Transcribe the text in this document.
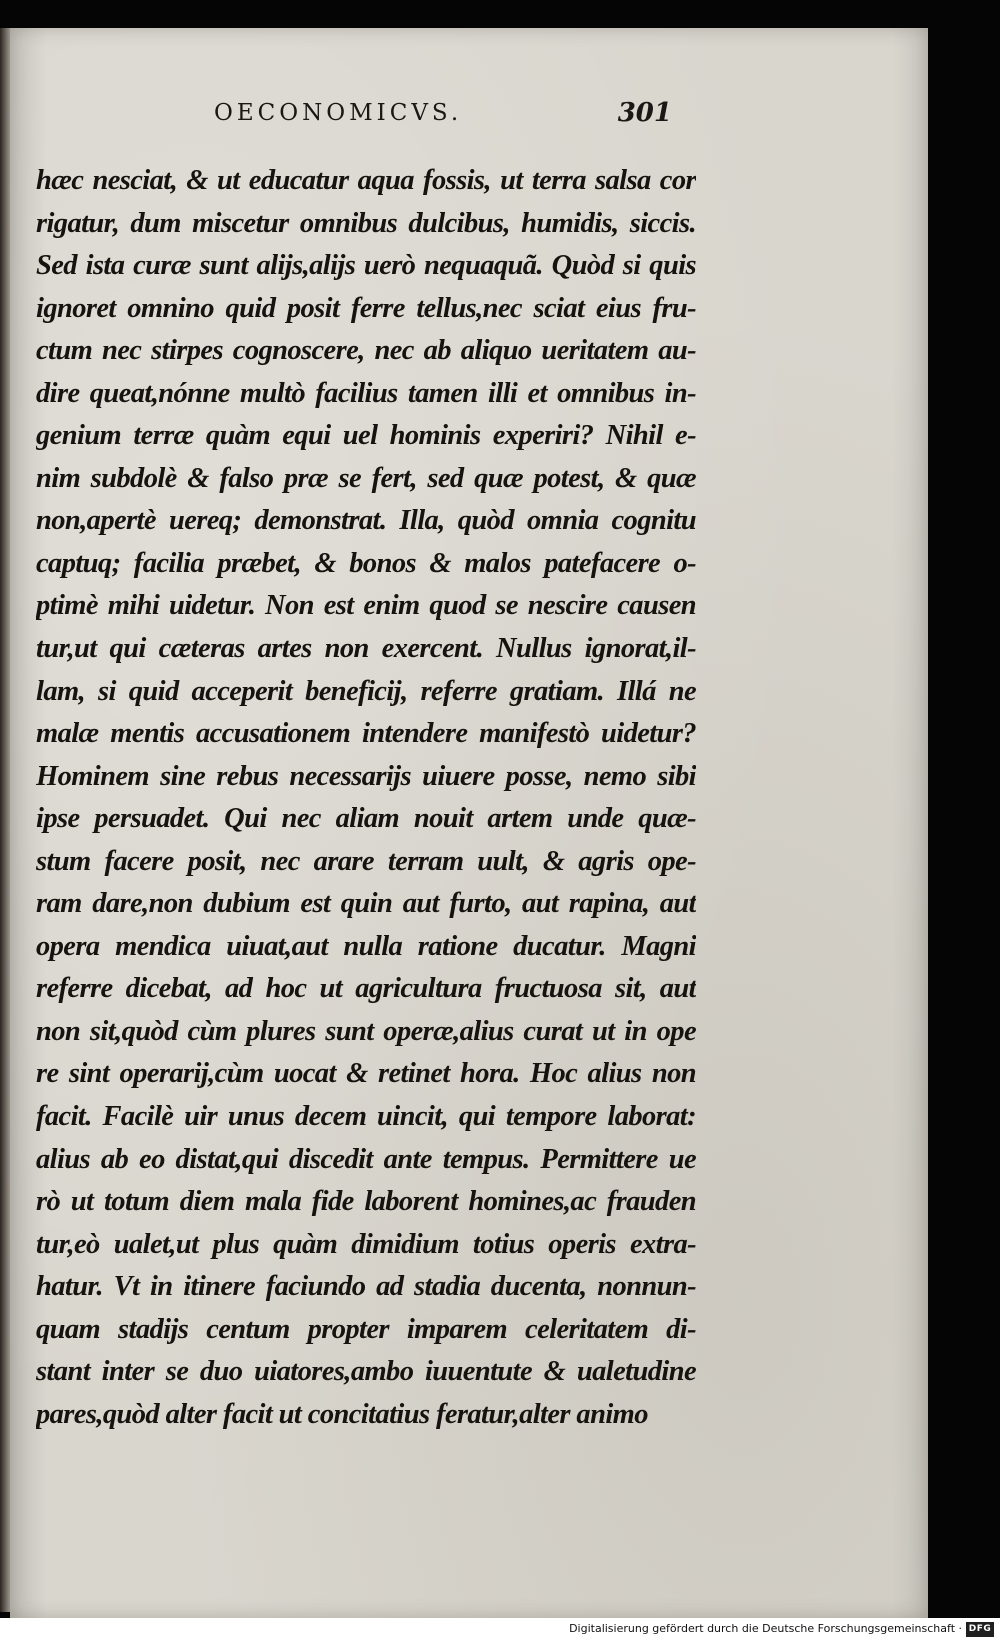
OECONOMICVS.	301
hæc nesciat, & ut educatur aqua fossis, ut terra salsa cor
rigatur, dum miscetur omnibus dulcibus, humidis, siccis.
Sed ista curæ sunt alijs,alijs uerò nequaquã. Quòd si quis
ignoret omnino quid posit ferre tellus,nec sciat eius fru-
ctum nec stirpes cognoscere, nec ab aliquo ueritatem au-
dire queat,nónne multò facilius tamen illi et omnibus in-
genium terræ quàm equi uel hominis experiri? Nihil e-
nim subdolè & falso præ se fert, sed quæ potest, & quæ
non,apertè uereq; demonstrat. Illa, quòd omnia cognitu
captuq; facilia præbet, & bonos & malos patefacere o-
ptimè mihi uidetur. Non est enim quod se nescire causen
tur,ut qui cæteras artes non exercent. Nullus ignorat,il-
lam, si quid acceperit beneficij, referre gratiam. Illá ne
malæ mentis accusationem intendere manifestò uidetur?
Hominem sine rebus necessarijs uiuere posse, nemo sibi
ipse persuadet. Qui nec aliam nouit artem unde quæ-
stum facere posit, nec arare terram uult, & agris ope-
ram dare,non dubium est quin aut furto, aut rapina, aut
opera mendica uiuat,aut nulla ratione ducatur. Magni
referre dicebat, ad hoc ut agricultura fructuosa sit, aut
non sit,quòd cùm plures sunt operæ,alius curat ut in ope
re sint operarij,cùm uocat & retinet hora. Hoc alius non
facit. Facilè uir unus decem uincit, qui tempore laborat:
alius ab eo distat,qui discedit ante tempus. Permittere ue
rò ut totum diem mala fide laborent homines,ac frauden
tur,eò ualet,ut plus quàm dimidium totius operis extra-
hatur. Vt in itinere faciundo ad stadia ducenta, nonnun-
quam stadijs centum propter imparem celeritatem di-
stant inter se duo uiatores,ambo iuuentute & ualetudine
pares,quòd alter facit ut concitatius feratur,alter animo
Digitalisierung gefördert durch die Deutsche Forschungsgemeinschaft · DFG
